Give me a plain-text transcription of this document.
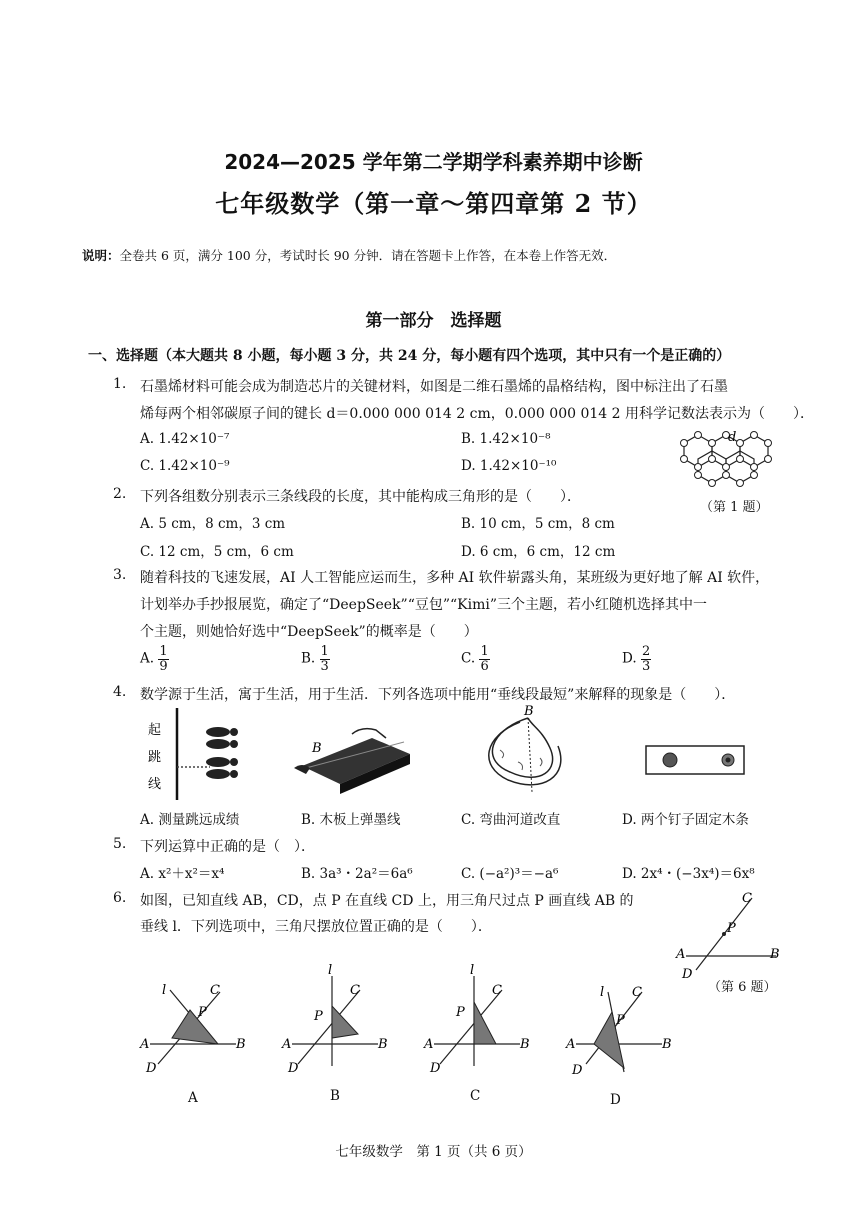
2024—2025 学年第二学期学科素养期中诊断
七年级数学（第一章～第四章第 2 节）
说明：全卷共 6 页，满分 100 分，考试时长 90 分钟．请在答题卡上作答，在本卷上作答无效．
第一部分　选择题
一、选择题（本大题共 8 小题，每小题 3 分，共 24 分，每小题有四个选项，其中只有一个是正确的）
1. 石墨烯材料可能会成为制造芯片的关键材料，如图是二维石墨烯的晶格结构，图中标注出了石墨
烯每两个相邻碳原子间的键长 d＝0.000 000 014 2 cm，0.000 000 014 2 用科学记数法表示为（　　）．
A. 1.42×10⁻⁷	B. 1.42×10⁻⁸
C. 1.42×10⁻⁹	D. 1.42×10⁻¹⁰
d
（第 1 题）
2. 下列各组数分别表示三条线段的长度，其中能构成三角形的是（　　）．
A. 5 cm，8 cm，3 cm	B. 10 cm，5 cm，8 cm
C. 12 cm，5 cm，6 cm	D. 6 cm，6 cm，12 cm
3. 随着科技的飞速发展，AI 人工智能应运而生，多种 AI 软件崭露头角，某班级为更好地了解 AI 软件，
计划举办手抄报展览，确定了“DeepSeek”“豆包”“Kimi”三个主题，若小红随机选择其中一
个主题，则她恰好选中“DeepSeek”的概率是（　　）
A. $\frac{1}{9}$	B. $\frac{1}{3}$	C. $\frac{1}{6}$	D. $\frac{2}{3}$
4. 数学源于生活，寓于生活，用于生活．下列各选项中能用“垂线段最短”来解释的现象是（　　）．
起
跳
线
B
B
A. 测量跳远成绩	B. 木板上弹墨线	C. 弯曲河道改直	D. 两个钉子固定木条
5. 下列运算中正确的是（　）．
A. x²＋x²＝x⁴	B. 3a³・2a²＝6a⁶	C. (−a²)³＝−a⁶	D. 2x⁴・(−3x⁴)＝6x⁸
6. 如图，已知直线 AB，CD，点 P 在直线 CD 上，用三角尺过点 P 画直线 AB 的
垂线 l．下列选项中，三角尺摆放位置正确的是（　　）．
C
P
A	B
D
（第 6 题）
l	C
P
A	B
D
A
l
C
P
A	B
D
B
l
C
P
A	B
D
C
l C
P
A	B
D
D
七年级数学　第 1 页（共 6 页）
